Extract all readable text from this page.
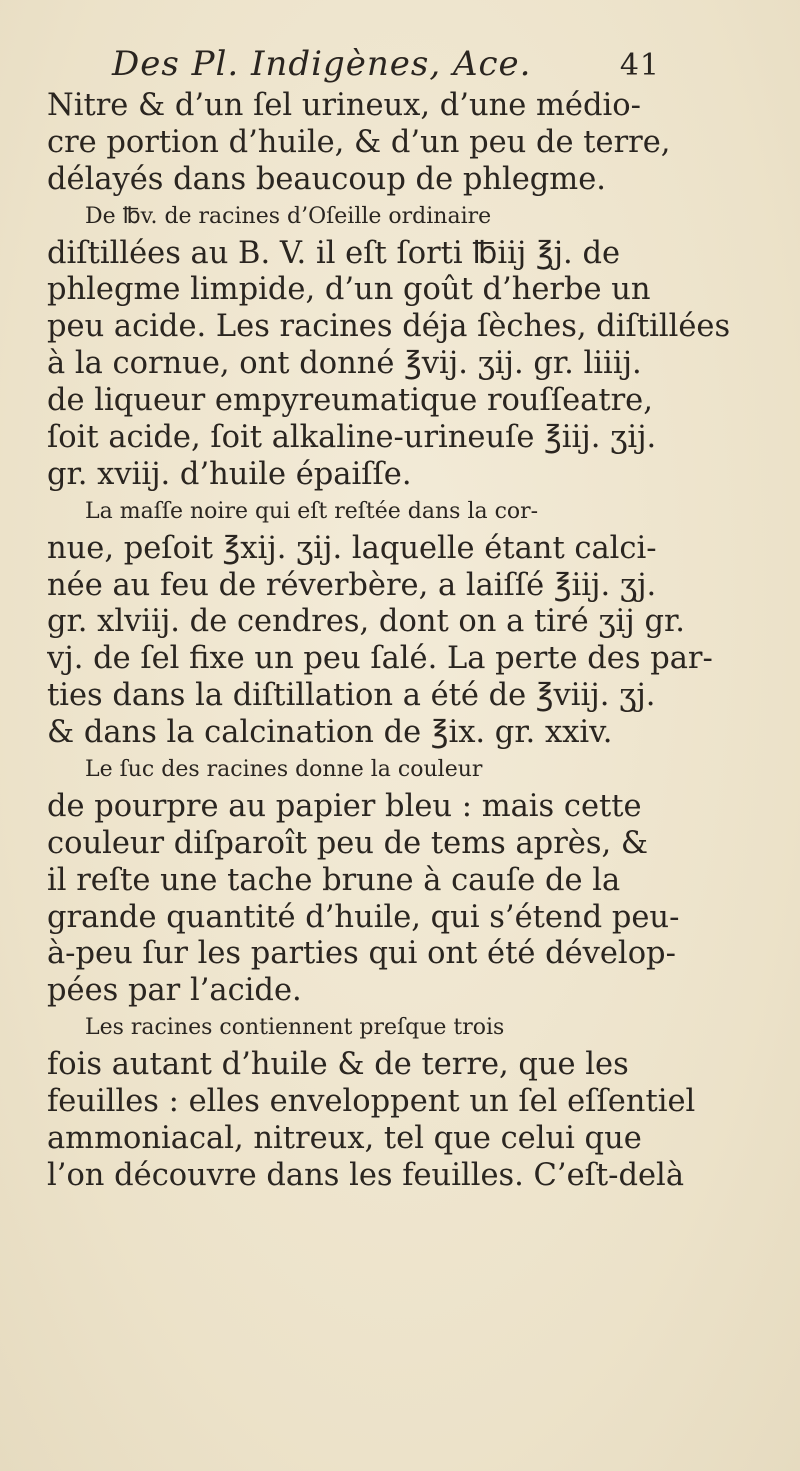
Des Pl. Indigènes, Ace.	41
Nitre & d’un ſel urineux, d’une médio-
cre portion d’huile, & d’un peu de terre,
délayés dans beaucoup de phlegme.
De ℔v. de racines d’Oſeille ordinaire
diſtillées au B. V. il eſt ſorti ℔iij ℥j. de
phlegme limpide, d’un goût d’herbe un
peu acide. Les racines déja ſèches, diſtillées
à la cornue, ont donné ℥vij. ʒij. gr. liiij.
de liqueur empyreumatique rouſſeatre,
ſoit acide, ſoit alkaline-urineuſe ℥iij. ʒij.
gr. xviij. d’huile épaiſſe.
La maſſe noire qui eſt reſtée dans la cor-
nue, peſoit ℥xij. ʒij. laquelle étant calci-
née au feu de réverbère, a laiſſé ℥iij. ʒj.
gr. xlviij. de cendres, dont on a tiré ʒij gr.
vj. de ſel fixe un peu ſalé. La perte des par-
ties dans la diſtillation a été de ℥viij. ʒj.
& dans la calcination de ℥ix. gr. xxiv.
Le ſuc des racines donne la couleur
de pourpre au papier bleu : mais cette
couleur diſparoît peu de tems après, &
il reſte une tache brune à cauſe de la
grande quantité d’huile, qui s’étend peu-
à-peu ſur les parties qui ont été dévelop-
pées par l’acide.
Les racines contiennent preſque trois
fois autant d’huile & de terre, que les
feuilles : elles enveloppent un ſel eſſentiel
ammoniacal, nitreux, tel que celui que
l’on découvre dans les feuilles. C’eſt-delà
